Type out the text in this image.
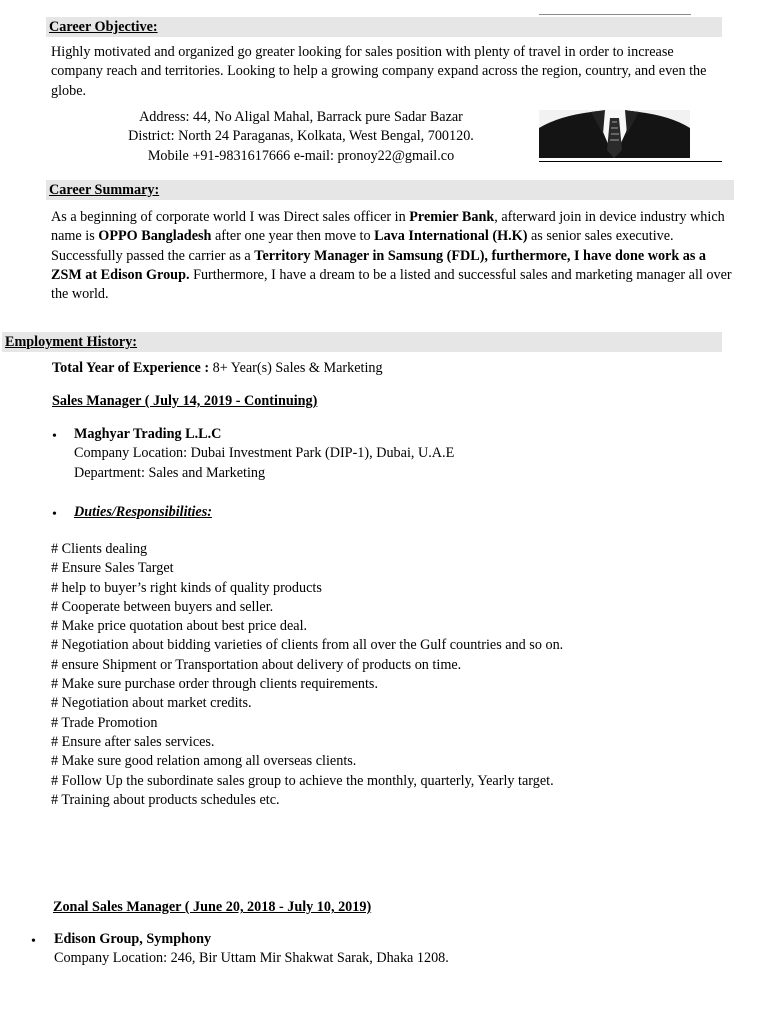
Career Objective:

Highly motivated and organized go greater looking for sales position with plenty of travel in order to increase company reach and territories. Looking to help a growing company expand across the region, country, and even the globe.

Address: 44, No Aligal Mahal, Barrack pure Sadar Bazar
District: North 24 Paraganas, Kolkata, West Bengal, 700120.
Mobile +91-9831617666 e-mail: pronoy22@gmail.co
Career Summary:

As a beginning of corporate world I was Direct sales officer in Premier Bank, afterward join in device industry which name is OPPO Bangladesh after one year then move to Lava International (H.K) as senior sales executive. Successfully passed the carrier as a Territory Manager in Samsung (FDL), furthermore, I have done work as a ZSM at Edison Group. Furthermore, I have a dream to be a listed and successful sales and marketing manager all over the world.

Employment History:
Total Year of Experience : 8+ Year(s) Sales & Marketing
Sales Manager ( July 14, 2019 - Continuing)
• Maghyar Trading L.L.C
Company Location: Dubai Investment Park (DIP-1), Dubai, U.A.E
Department: Sales and Marketing
• Duties/Responsibilities:
# Clients dealing
# Ensure Sales Target
# help to buyer’s right kinds of quality products
# Cooperate between buyers and seller.
# Make price quotation about best price deal.
# Negotiation about bidding varieties of clients from all over the Gulf countries and so on.
# ensure Shipment or Transportation about delivery of products on time.
# Make sure purchase order through clients requirements.
# Negotiation about market credits.
# Trade Promotion
# Ensure after sales services.
# Make sure good relation among all overseas clients.
# Follow Up the subordinate sales group to achieve the monthly, quarterly, Yearly target.
# Training about products schedules etc.
Zonal Sales Manager ( June 20, 2018 - July 10, 2019)
• Edison Group, Symphony
Company Location: 246, Bir Uttam Mir Shakwat Sarak, Dhaka 1208.
